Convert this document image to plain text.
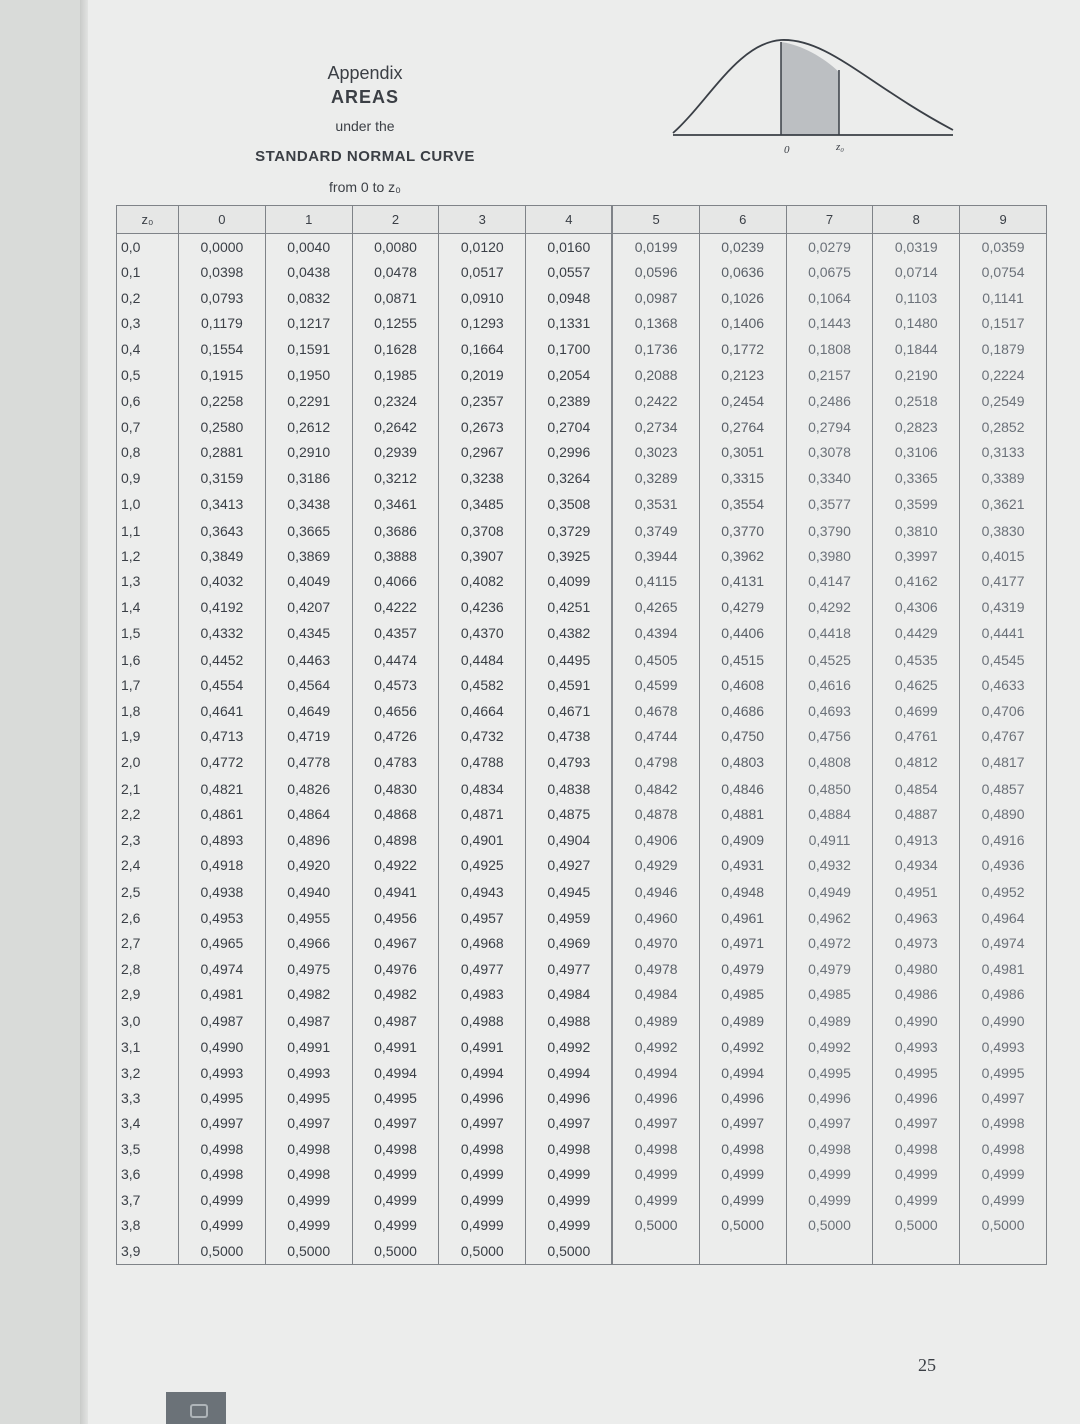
Appendix
AREAS
under the
STANDARD NORMAL CURVE
from 0 to z₀
0	z₀
z₀	0	1	2	3	4	5	6	7	8	9
0,0	0,0000	0,0040	0,0080	0,0120	0,0160	0,0199	0,0239	0,0279	0,0319	0,0359
0,1	0,0398	0,0438	0,0478	0,0517	0,0557	0,0596	0,0636	0,0675	0,0714	0,0754
0,2	0,0793	0,0832	0,0871	0,0910	0,0948	0,0987	0,1026	0,1064	0,1103	0,1141
0,3	0,1179	0,1217	0,1255	0,1293	0,1331	0,1368	0,1406	0,1443	0,1480	0,1517
0,4	0,1554	0,1591	0,1628	0,1664	0,1700	0,1736	0,1772	0,1808	0,1844	0,1879
0,5	0,1915	0,1950	0,1985	0,2019	0,2054	0,2088	0,2123	0,2157	0,2190	0,2224
0,6	0,2258	0,2291	0,2324	0,2357	0,2389	0,2422	0,2454	0,2486	0,2518	0,2549
0,7	0,2580	0,2612	0,2642	0,2673	0,2704	0,2734	0,2764	0,2794	0,2823	0,2852
0,8	0,2881	0,2910	0,2939	0,2967	0,2996	0,3023	0,3051	0,3078	0,3106	0,3133
0,9	0,3159	0,3186	0,3212	0,3238	0,3264	0,3289	0,3315	0,3340	0,3365	0,3389
1,0	0,3413	0,3438	0,3461	0,3485	0,3508	0,3531	0,3554	0,3577	0,3599	0,3621
1,1	0,3643	0,3665	0,3686	0,3708	0,3729	0,3749	0,3770	0,3790	0,3810	0,3830
1,2	0,3849	0,3869	0,3888	0,3907	0,3925	0,3944	0,3962	0,3980	0,3997	0,4015
1,3	0,4032	0,4049	0,4066	0,4082	0,4099	0,4115	0,4131	0,4147	0,4162	0,4177
1,4	0,4192	0,4207	0,4222	0,4236	0,4251	0,4265	0,4279	0,4292	0,4306	0,4319
1,5	0,4332	0,4345	0,4357	0,4370	0,4382	0,4394	0,4406	0,4418	0,4429	0,4441
1,6	0,4452	0,4463	0,4474	0,4484	0,4495	0,4505	0,4515	0,4525	0,4535	0,4545
1,7	0,4554	0,4564	0,4573	0,4582	0,4591	0,4599	0,4608	0,4616	0,4625	0,4633
1,8	0,4641	0,4649	0,4656	0,4664	0,4671	0,4678	0,4686	0,4693	0,4699	0,4706
1,9	0,4713	0,4719	0,4726	0,4732	0,4738	0,4744	0,4750	0,4756	0,4761	0,4767
2,0	0,4772	0,4778	0,4783	0,4788	0,4793	0,4798	0,4803	0,4808	0,4812	0,4817
2,1	0,4821	0,4826	0,4830	0,4834	0,4838	0,4842	0,4846	0,4850	0,4854	0,4857
2,2	0,4861	0,4864	0,4868	0,4871	0,4875	0,4878	0,4881	0,4884	0,4887	0,4890
2,3	0,4893	0,4896	0,4898	0,4901	0,4904	0,4906	0,4909	0,4911	0,4913	0,4916
2,4	0,4918	0,4920	0,4922	0,4925	0,4927	0,4929	0,4931	0,4932	0,4934	0,4936
2,5	0,4938	0,4940	0,4941	0,4943	0,4945	0,4946	0,4948	0,4949	0,4951	0,4952
2,6	0,4953	0,4955	0,4956	0,4957	0,4959	0,4960	0,4961	0,4962	0,4963	0,4964
2,7	0,4965	0,4966	0,4967	0,4968	0,4969	0,4970	0,4971	0,4972	0,4973	0,4974
2,8	0,4974	0,4975	0,4976	0,4977	0,4977	0,4978	0,4979	0,4979	0,4980	0,4981
2,9	0,4981	0,4982	0,4982	0,4983	0,4984	0,4984	0,4985	0,4985	0,4986	0,4986
3,0	0,4987	0,4987	0,4987	0,4988	0,4988	0,4989	0,4989	0,4989	0,4990	0,4990
3,1	0,4990	0,4991	0,4991	0,4991	0,4992	0,4992	0,4992	0,4992	0,4993	0,4993
3,2	0,4993	0,4993	0,4994	0,4994	0,4994	0,4994	0,4994	0,4995	0,4995	0,4995
3,3	0,4995	0,4995	0,4995	0,4996	0,4996	0,4996	0,4996	0,4996	0,4996	0,4997
3,4	0,4997	0,4997	0,4997	0,4997	0,4997	0,4997	0,4997	0,4997	0,4997	0,4998
3,5	0,4998	0,4998	0,4998	0,4998	0,4998	0,4998	0,4998	0,4998	0,4998	0,4998
3,6	0,4998	0,4998	0,4999	0,4999	0,4999	0,4999	0,4999	0,4999	0,4999	0,4999
3,7	0,4999	0,4999	0,4999	0,4999	0,4999	0,4999	0,4999	0,4999	0,4999	0,4999
3,8	0,4999	0,4999	0,4999	0,4999	0,4999	0,5000	0,5000	0,5000	0,5000	0,5000
3,9	0,5000	0,5000	0,5000	0,5000	0,5000					
25
